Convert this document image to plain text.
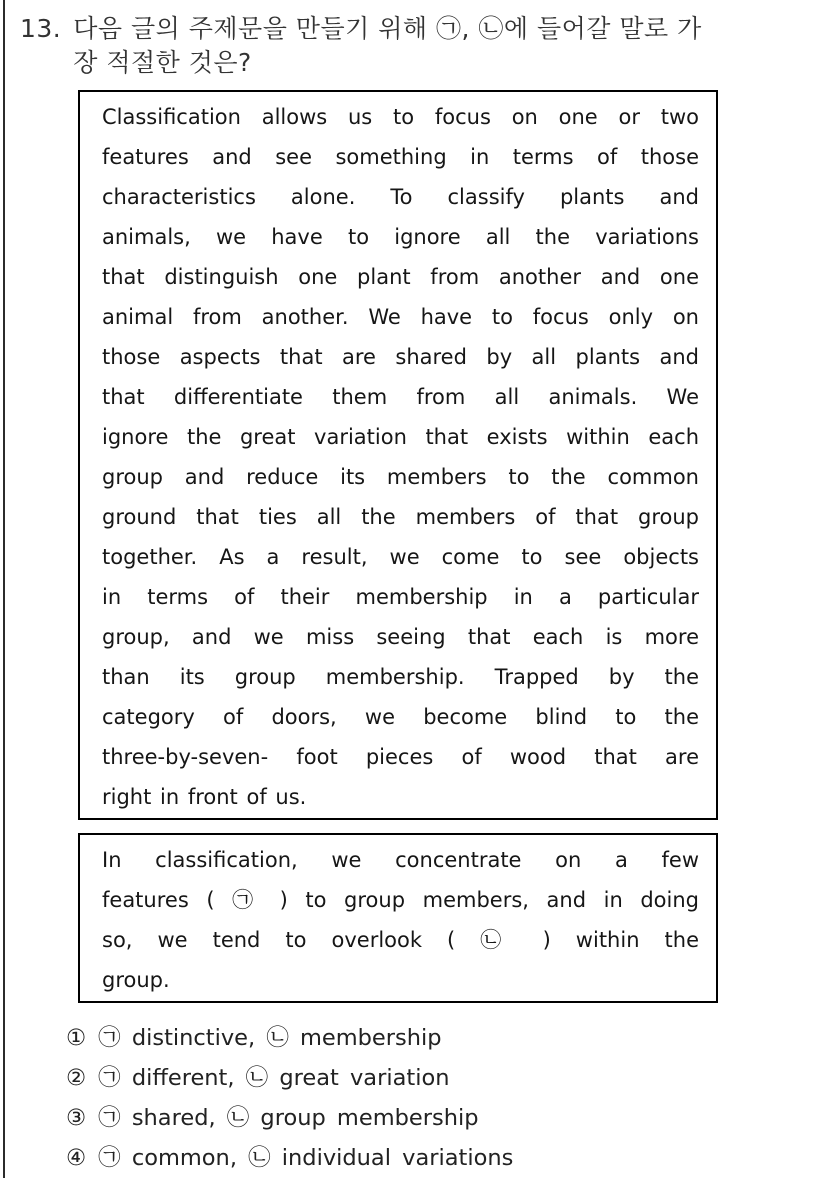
13. 다음 글의 주제문을 만들기 위해 ㉠, ㉡에 들어갈 말로 가
장 적절한 것은?
Classification allows us to focus on one or two
features and see something in terms of those
characteristics alone. To classify plants and
animals, we have to ignore all the variations
that distinguish one plant from another and one
animal from another. We have to focus only on
those aspects that are shared by all plants and
that differentiate them from all animals. We
ignore the great variation that exists within each
group and reduce its members to the common
ground that ties all the members of that group
together. As a result, we come to see objects
in terms of their membership in a particular
group, and we miss seeing that each is more
than its group membership. Trapped by the
category of doors, we become blind to the
three-by-seven- foot pieces of wood that are
right in front of us.
In classification, we concentrate on a few
features ( ㉠ ) to group members, and in doing
so, we tend to overlook ( ㉡ ) within the
group.
① ㉠ distinctive, ㉡ membership
② ㉠ different, ㉡ great variation
③ ㉠ shared, ㉡ group membership
④ ㉠ common, ㉡ individual variations
